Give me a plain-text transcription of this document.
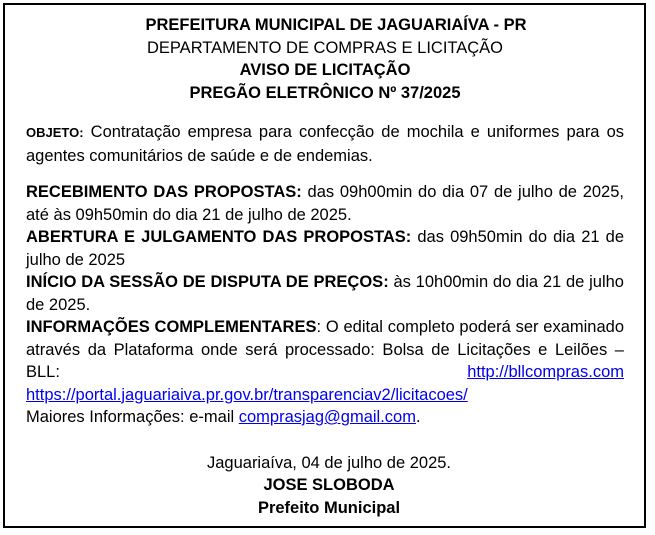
PREFEITURA MUNICIPAL DE JAGUARIAÍVA - PR
DEPARTAMENTO DE COMPRAS E LICITAÇÃO
AVISO DE LICITAÇÃO
PREGÃO ELETRÔNICO Nº 37/2025
OBJETO: Contratação empresa para confecção de mochila e uniformes para os agentes comunitários de saúde e de endemias.

RECEBIMENTO DAS PROPOSTAS: das 09h00min do dia 07 de julho de 2025, até às 09h50min do dia 21 de julho de 2025.

ABERTURA E JULGAMENTO DAS PROPOSTAS: das 09h50min do dia 21 de julho de 2025

INÍCIO DA SESSÃO DE DISPUTA DE PREÇOS: às 10h00min do dia 21 de julho de 2025.

INFORMAÇÕES COMPLEMENTARES: O edital completo poderá ser examinado através da Plataforma onde será processado: Bolsa de Licitações e Leilões – BLL: http://bllcompras.com https://portal.jaguariaiva.pr.gov.br/transparenciav2/licitacoes/

Maiores Informações: e-mail comprasjag@gmail.com.

Jaguariaíva, 04 de julho de 2025.
JOSE SLOBODA
Prefeito Municipal
